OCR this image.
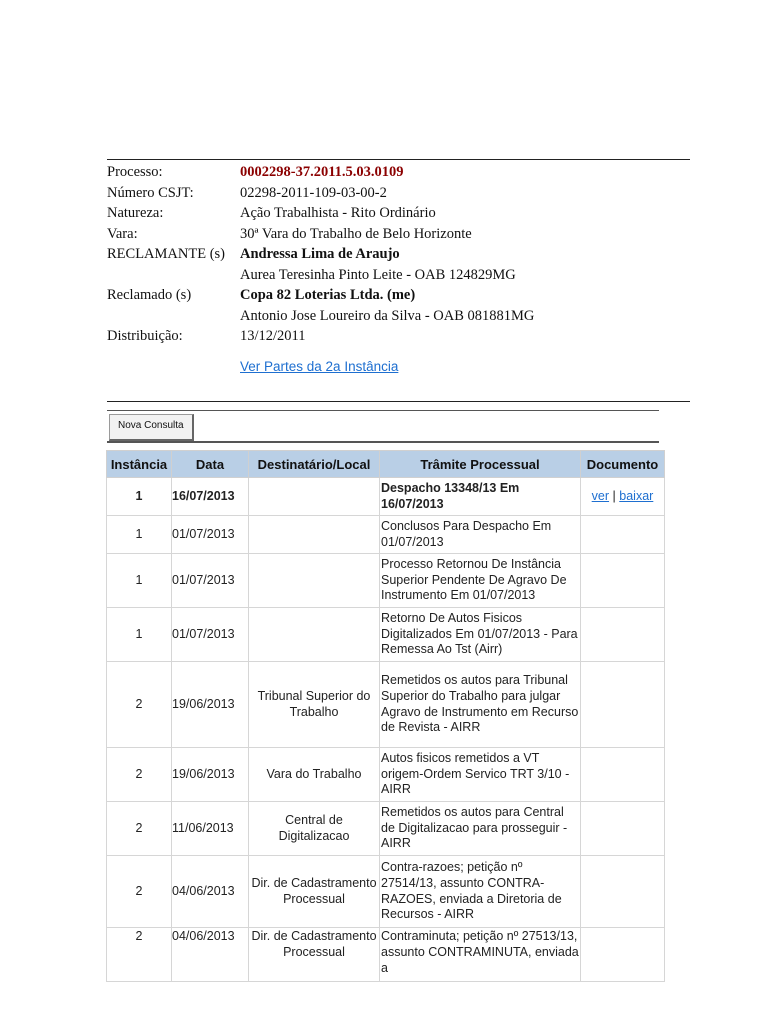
Processo:	0002298-37.2011.5.03.0109
Número CSJT:	02298-2011-109-03-00-2
Natureza:	Ação Trabalhista - Rito Ordinário
Vara:	30ª Vara do Trabalho de Belo Horizonte
RECLAMANTE (s)	Andressa Lima de Araujo
Aurea Teresinha Pinto Leite - OAB 124829MG
Reclamado (s)	Copa 82 Loterias Ltda. (me)
Antonio Jose Loureiro da Silva - OAB 081881MG
Distribuição:	13/12/2011
Ver Partes da 2a Instância
Nova Consulta
Instância	Data	Destinatário/Local	Trâmite Processual	Documento
1	16/07/2013		Despacho 13348/13 Em 16/07/2013	ver | baixar
1	01/07/2013		Conclusos Para Despacho Em 01/07/2013	
1	01/07/2013		Processo Retornou De Instância Superior Pendente De Agravo De Instrumento Em 01/07/2013	
1	01/07/2013		Retorno De Autos Fisicos Digitalizados Em 01/07/2013 - Para Remessa Ao Tst (Airr)	
2	19/06/2013	Tribunal Superior do Trabalho	Remetidos os autos para Tribunal Superior do Trabalho para julgar Agravo de Instrumento em Recurso de Revista - AIRR	
2	19/06/2013	Vara do Trabalho	Autos fisicos remetidos a VT origem-Ordem Servico TRT 3/10 - AIRR	
2	11/06/2013	Central de Digitalizacao	Remetidos os autos para Central de Digitalizacao para prosseguir - AIRR	
2	04/06/2013	Dir. de Cadastramento Processual	Contra-razoes; petição nº 27514/13, assunto CONTRA-RAZOES, enviada a Diretoria de Recursos - AIRR	
2	04/06/2013	Dir. de Cadastramento Processual	Contraminuta; petição nº 27513/13, assunto CONTRAMINUTA, enviada a	
